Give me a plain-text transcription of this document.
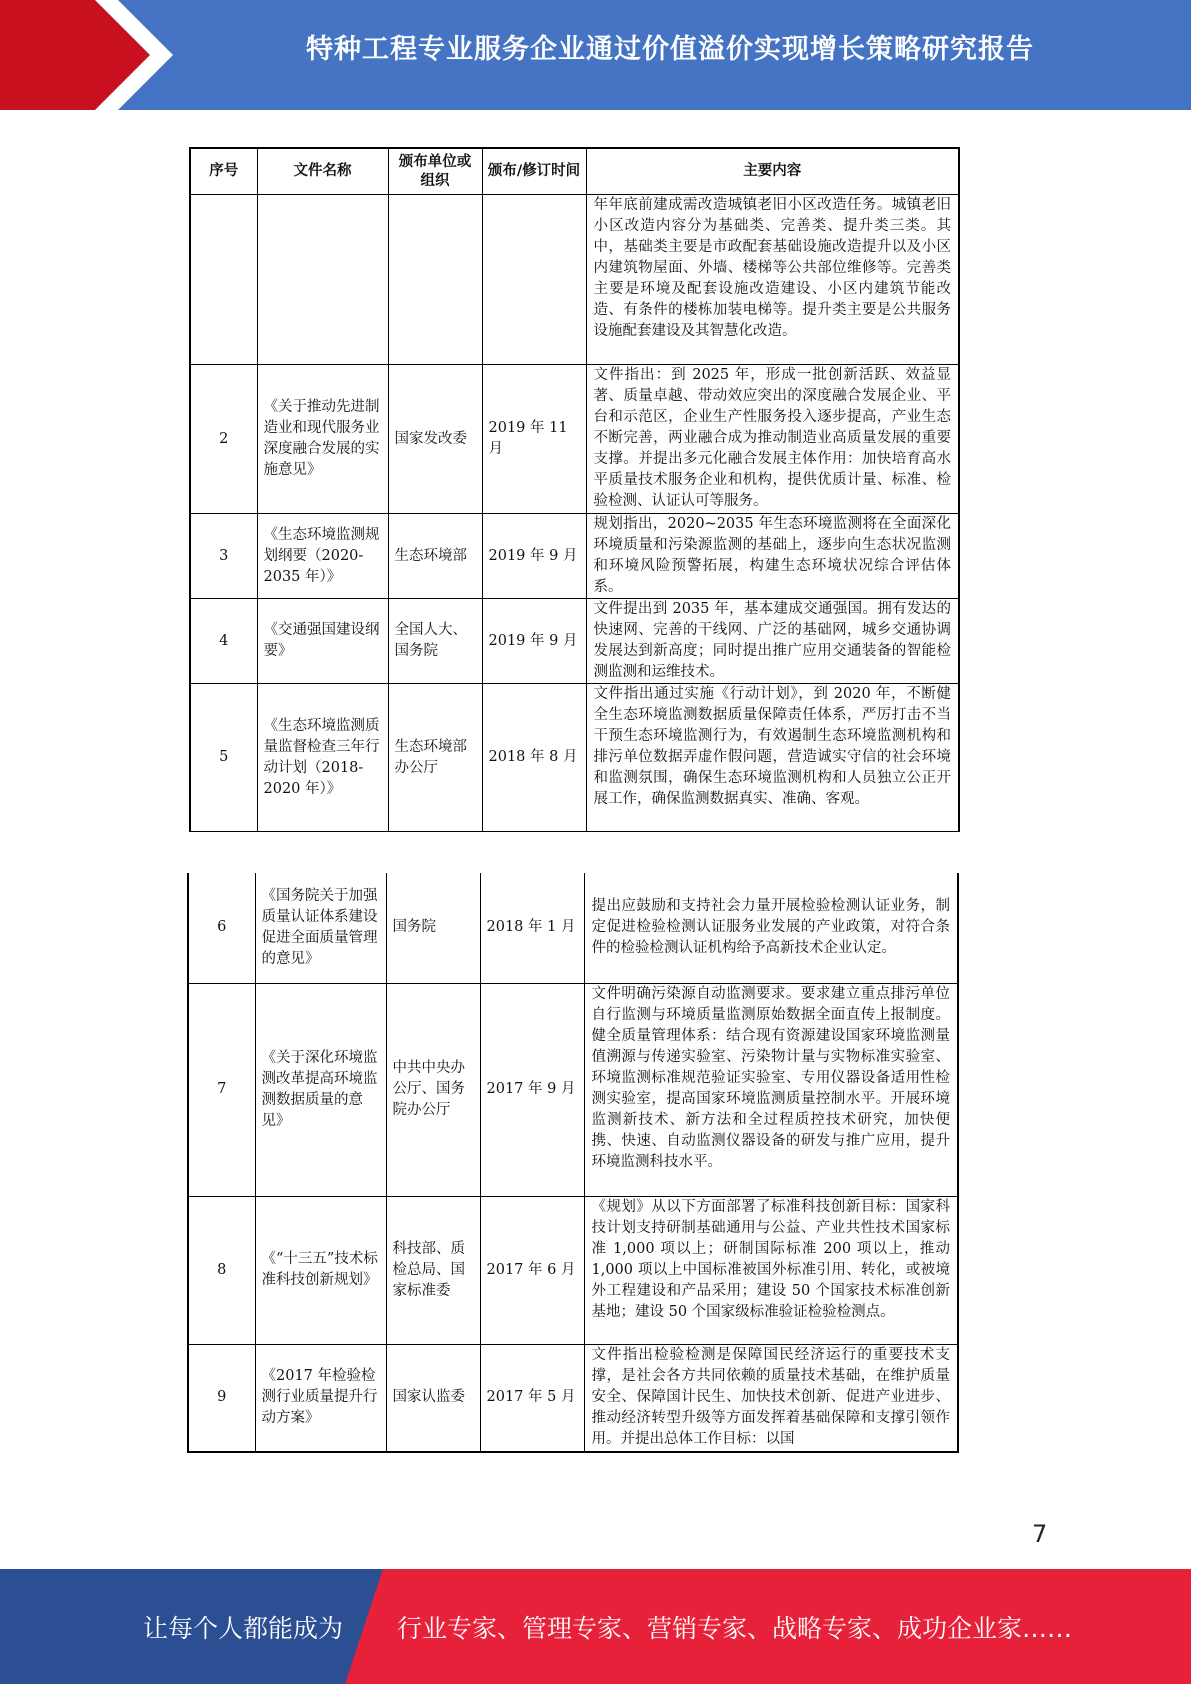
特种工程专业服务企业通过价值溢价实现增长策略研究报告
序号	文件名称	颁布单位或组织	颁布/修订时间	主要内容
				年年底前建成需改造城镇老旧小区改造任务。城镇老旧小区改造内容分为基础类、完善类、提升类三类。其中，基础类主要是市政配套基础设施改造提升以及小区内建筑物屋面、外墙、楼梯等公共部位维修等。完善类主要是环境及配套设施改造建设、小区内建筑节能改造、有条件的楼栋加装电梯等。提升类主要是公共服务设施配套建设及其智慧化改造。
2	《关于推动先进制造业和现代服务业深度融合发展的实施意见》	国家发改委	2019 年 11 月	文件指出：到 2025 年，形成一批创新活跃、效益显著、质量卓越、带动效应突出的深度融合发展企业、平台和示范区，企业生产性服务投入逐步提高，产业生态不断完善，两业融合成为推动制造业高质量发展的重要支撑。并提出多元化融合发展主体作用：加快培育高水平质量技术服务企业和机构，提供优质计量、标准、检验检测、认证认可等服务。
3	《生态环境监测规划纲要（2020-2035 年）》	生态环境部	2019 年 9 月	规划指出，2020~2035 年生态环境监测将在全面深化环境质量和污染源监测的基础上，逐步向生态状况监测和环境风险预警拓展，构建生态环境状况综合评估体系。
4	《交通强国建设纲要》	全国人大、国务院	2019 年 9 月	文件提出到 2035 年，基本建成交通强国。拥有发达的快速网、完善的干线网、广泛的基础网，城乡交通协调发展达到新高度；同时提出推广应用交通装备的智能检测监测和运维技术。
5	《生态环境监测质量监督检查三年行动计划（2018-2020 年）》	生态环境部办公厅	2018 年 8 月	文件指出通过实施《行动计划》，到 2020 年，不断健全生态环境监测数据质量保障责任体系，严厉打击不当干预生态环境监测行为，有效遏制生态环境监测机构和排污单位数据弄虚作假问题，营造诚实守信的社会环境和监测氛围，确保生态环境监测机构和人员独立公正开展工作，确保监测数据真实、准确、客观。
6	《国务院关于加强质量认证体系建设促进全面质量管理的意见》	国务院	2018 年 1 月	提出应鼓励和支持社会力量开展检验检测认证业务，制定促进检验检测认证服务业发展的产业政策，对符合条件的检验检测认证机构给予高新技术企业认定。
7	《关于深化环境监测改革提高环境监测数据质量的意见》	中共中央办公厅、国务院办公厅	2017 年 9 月	文件明确污染源自动监测要求。要求建立重点排污单位自行监测与环境质量监测原始数据全面直传上报制度。健全质量管理体系：结合现有资源建设国家环境监测量值溯源与传递实验室、污染物计量与实物标准实验室、环境监测标准规范验证实验室、专用仪器设备适用性检测实验室，提高国家环境监测质量控制水平。开展环境监测新技术、新方法和全过程质控技术研究，加快便携、快速、自动监测仪器设备的研发与推广应用，提升环境监测科技水平。
8	《“十三五”技术标准科技创新规划》	科技部、质检总局、国家标准委	2017 年 6 月	《规划》从以下方面部署了标准科技创新目标：国家科技计划支持研制基础通用与公益、产业共性技术国家标准 1,000 项以上；研制国际标准 200 项以上，推动 1,000 项以上中国标准被国外标准引用、转化，或被境外工程建设和产品采用；建设 50 个国家技术标准创新基地；建设 50 个国家级标准验证检验检测点。
9	《2017 年检验检测行业质量提升行动方案》	国家认监委	2017 年 5 月	文件指出检验检测是保障国民经济运行的重要技术支撑，是社会各方共同依赖的质量技术基础，在维护质量安全、保障国计民生、加快技术创新、促进产业进步、推动经济转型升级等方面发挥着基础保障和支撑引领作用。并提出总体工作目标：以国
7
让每个人都能成为 行业专家、管理专家、营销专家、战略专家、成功企业家……
